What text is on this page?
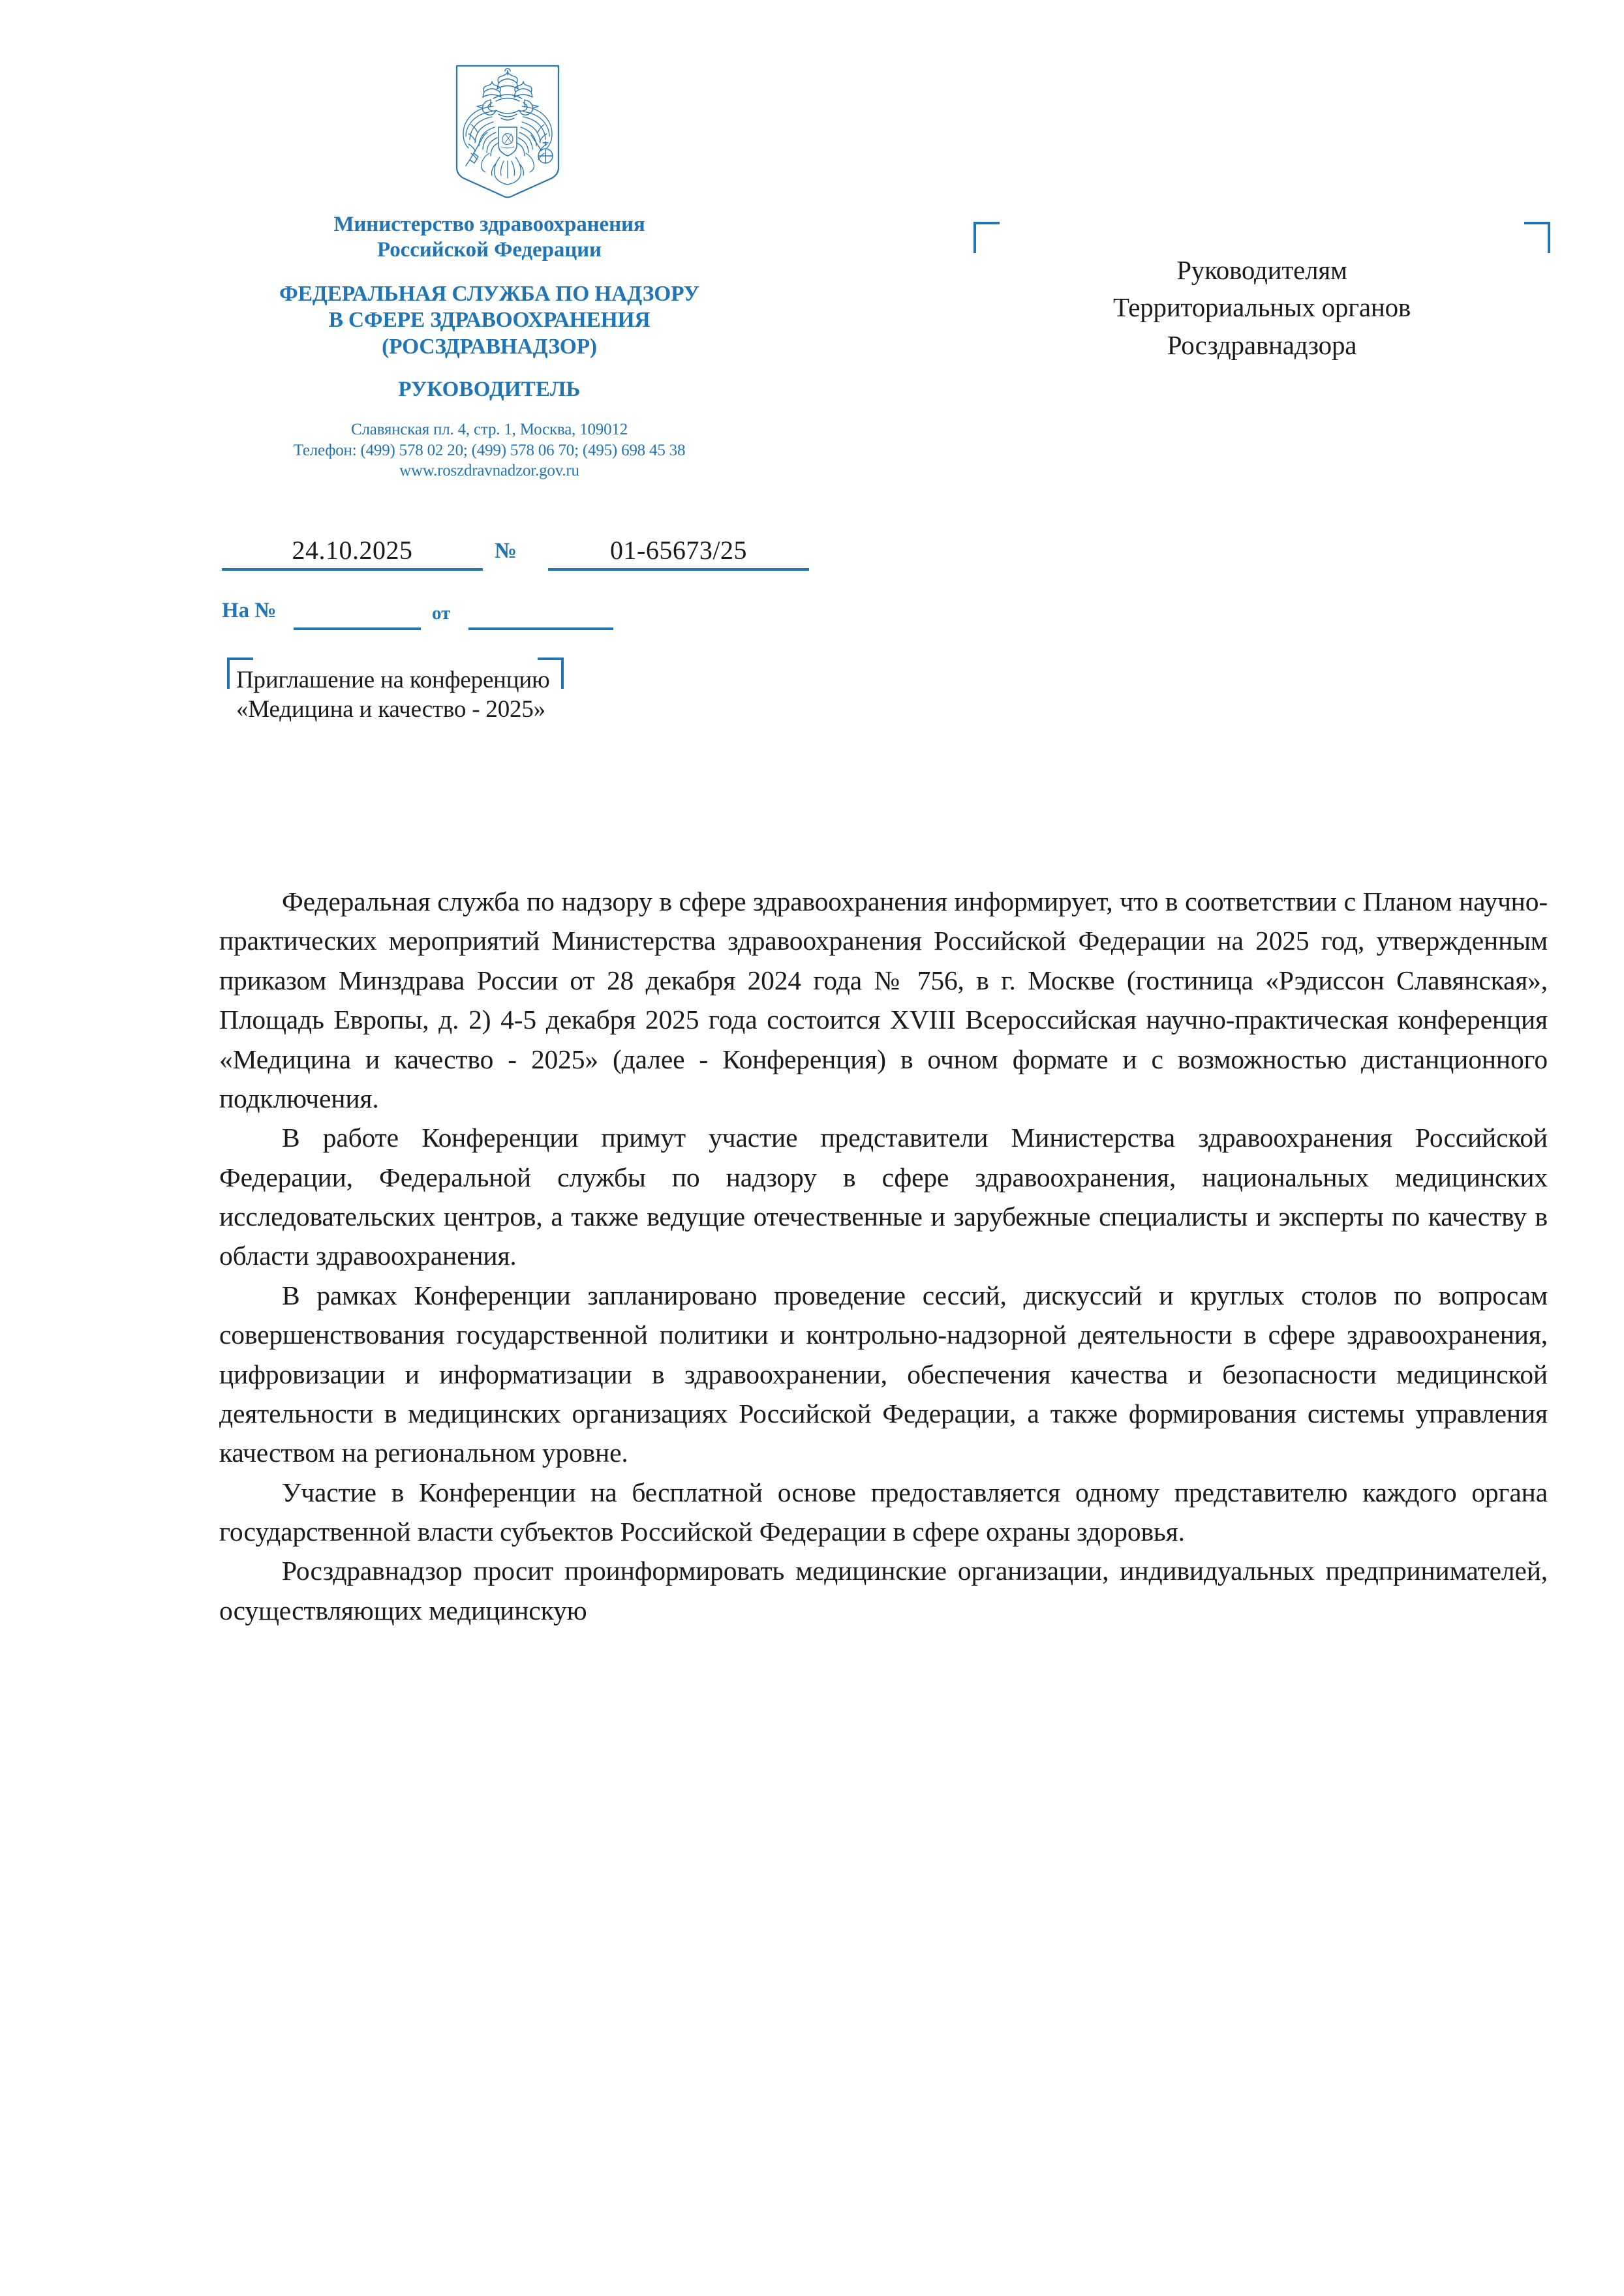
Министерство здравоохранения
Российской Федерации
ФЕДЕРАЛЬНАЯ СЛУЖБА ПО НАДЗОРУ
В СФЕРЕ ЗДРАВООХРАНЕНИЯ
(РОСЗДРАВНАДЗОР)
РУКОВОДИТЕЛЬ
Славянская пл. 4, стр. 1, Москва, 109012
Телефон: (499) 578 02 20; (499) 578 06 70; (495) 698 45 38
www.roszdravnadzor.gov.ru
24.10.2025	№	01-65673/25
На №	от
Приглашение на конференцию
«Медицина и качество - 2025»
Руководителям
Территориальных органов
Росздравнадзора

Федеральная служба по надзору в сфере здравоохранения информирует, что в соответствии с Планом научно-практических мероприятий Министерства здравоохранения Российской Федерации на 2025 год, утвержденным приказом Минздрава России от 28 декабря 2024 года № 756, в г. Москве (гостиница «Рэдиссон Славянская», Площадь Европы, д. 2) 4-5 декабря 2025 года состоится XVIII Всероссийская научно-практическая конференция «Медицина и качество - 2025» (далее - Конференция) в очном формате и с возможностью дистанционного подключения.

В работе Конференции примут участие представители Министерства здравоохранения Российской Федерации, Федеральной службы по надзору в сфере здравоохранения, национальных медицинских исследовательских центров, а также ведущие отечественные и зарубежные специалисты и эксперты по качеству в области здравоохранения.

В рамках Конференции запланировано проведение сессий, дискуссий и круглых столов по вопросам совершенствования государственной политики и контрольно-надзорной деятельности в сфере здравоохранения, цифровизации и информатизации в здравоохранении, обеспечения качества и безопасности медицинской деятельности в медицинских организациях Российской Федерации, а также формирования системы управления качеством на региональном уровне.

Участие в Конференции на бесплатной основе предоставляется одному представителю каждого органа государственной власти субъектов Российской Федерации в сфере охраны здоровья.

Росздравнадзор просит проинформировать медицинские организации, индивидуальных предпринимателей, осуществляющих медицинскую
